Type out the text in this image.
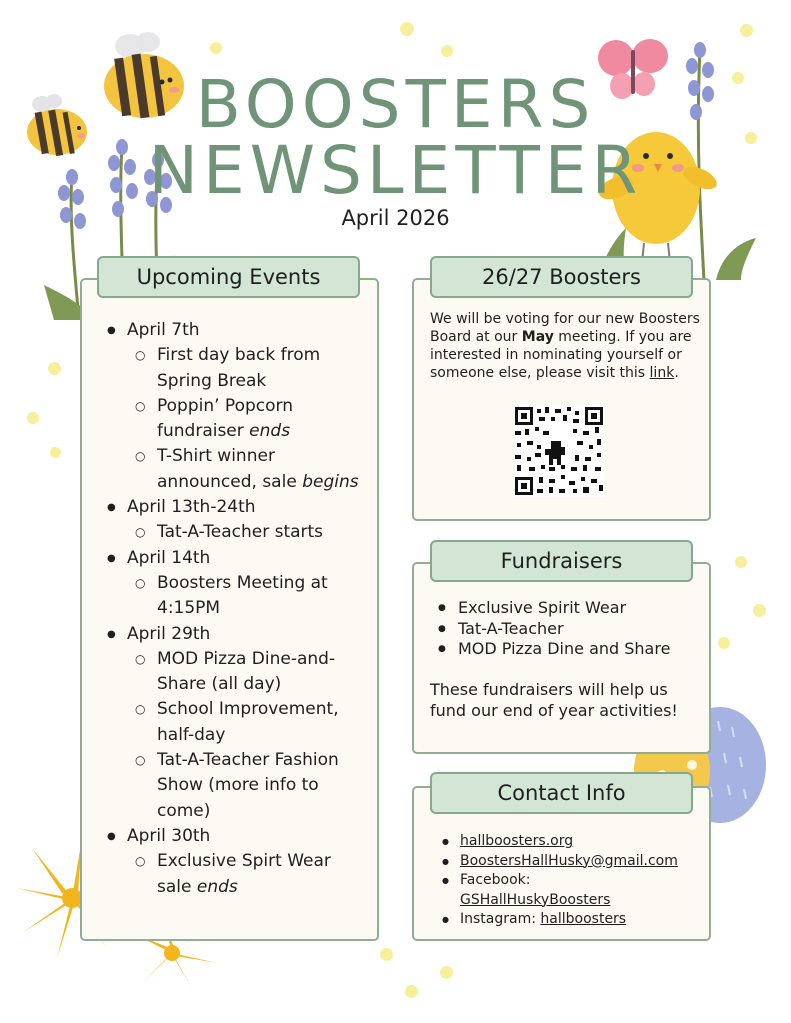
BOOSTERS
NEWSLETTER
April 2026
Upcoming Events
● April 7th
○ First day back from Spring Break
○ Poppin’ Popcorn fundraiser ends
○ T-Shirt winner announced, sale begins
● April 13th-24th
○ Tat-A-Teacher starts
● April 14th
○ Boosters Meeting at 4:15PM
● April 29th
○ MOD Pizza Dine-and-Share (all day)
○ School Improvement, half-day
○ Tat-A-Teacher Fashion Show (more info to come)
● April 30th
○ Exclusive Spirt Wear sale ends
26/27 Boosters
We will be voting for our new Boosters Board at our May meeting. If you are interested in nominating yourself or someone else, please visit this link.
Fundraisers
● Exclusive Spirit Wear
● Tat-A-Teacher
● MOD Pizza Dine and Share
These fundraisers will help us fund our end of year activities!
Contact Info
● hallboosters.org
● BoostersHallHusky@gmail.com
● Facebook:
GSHallHuskyBoosters
● Instagram: hallboosters
